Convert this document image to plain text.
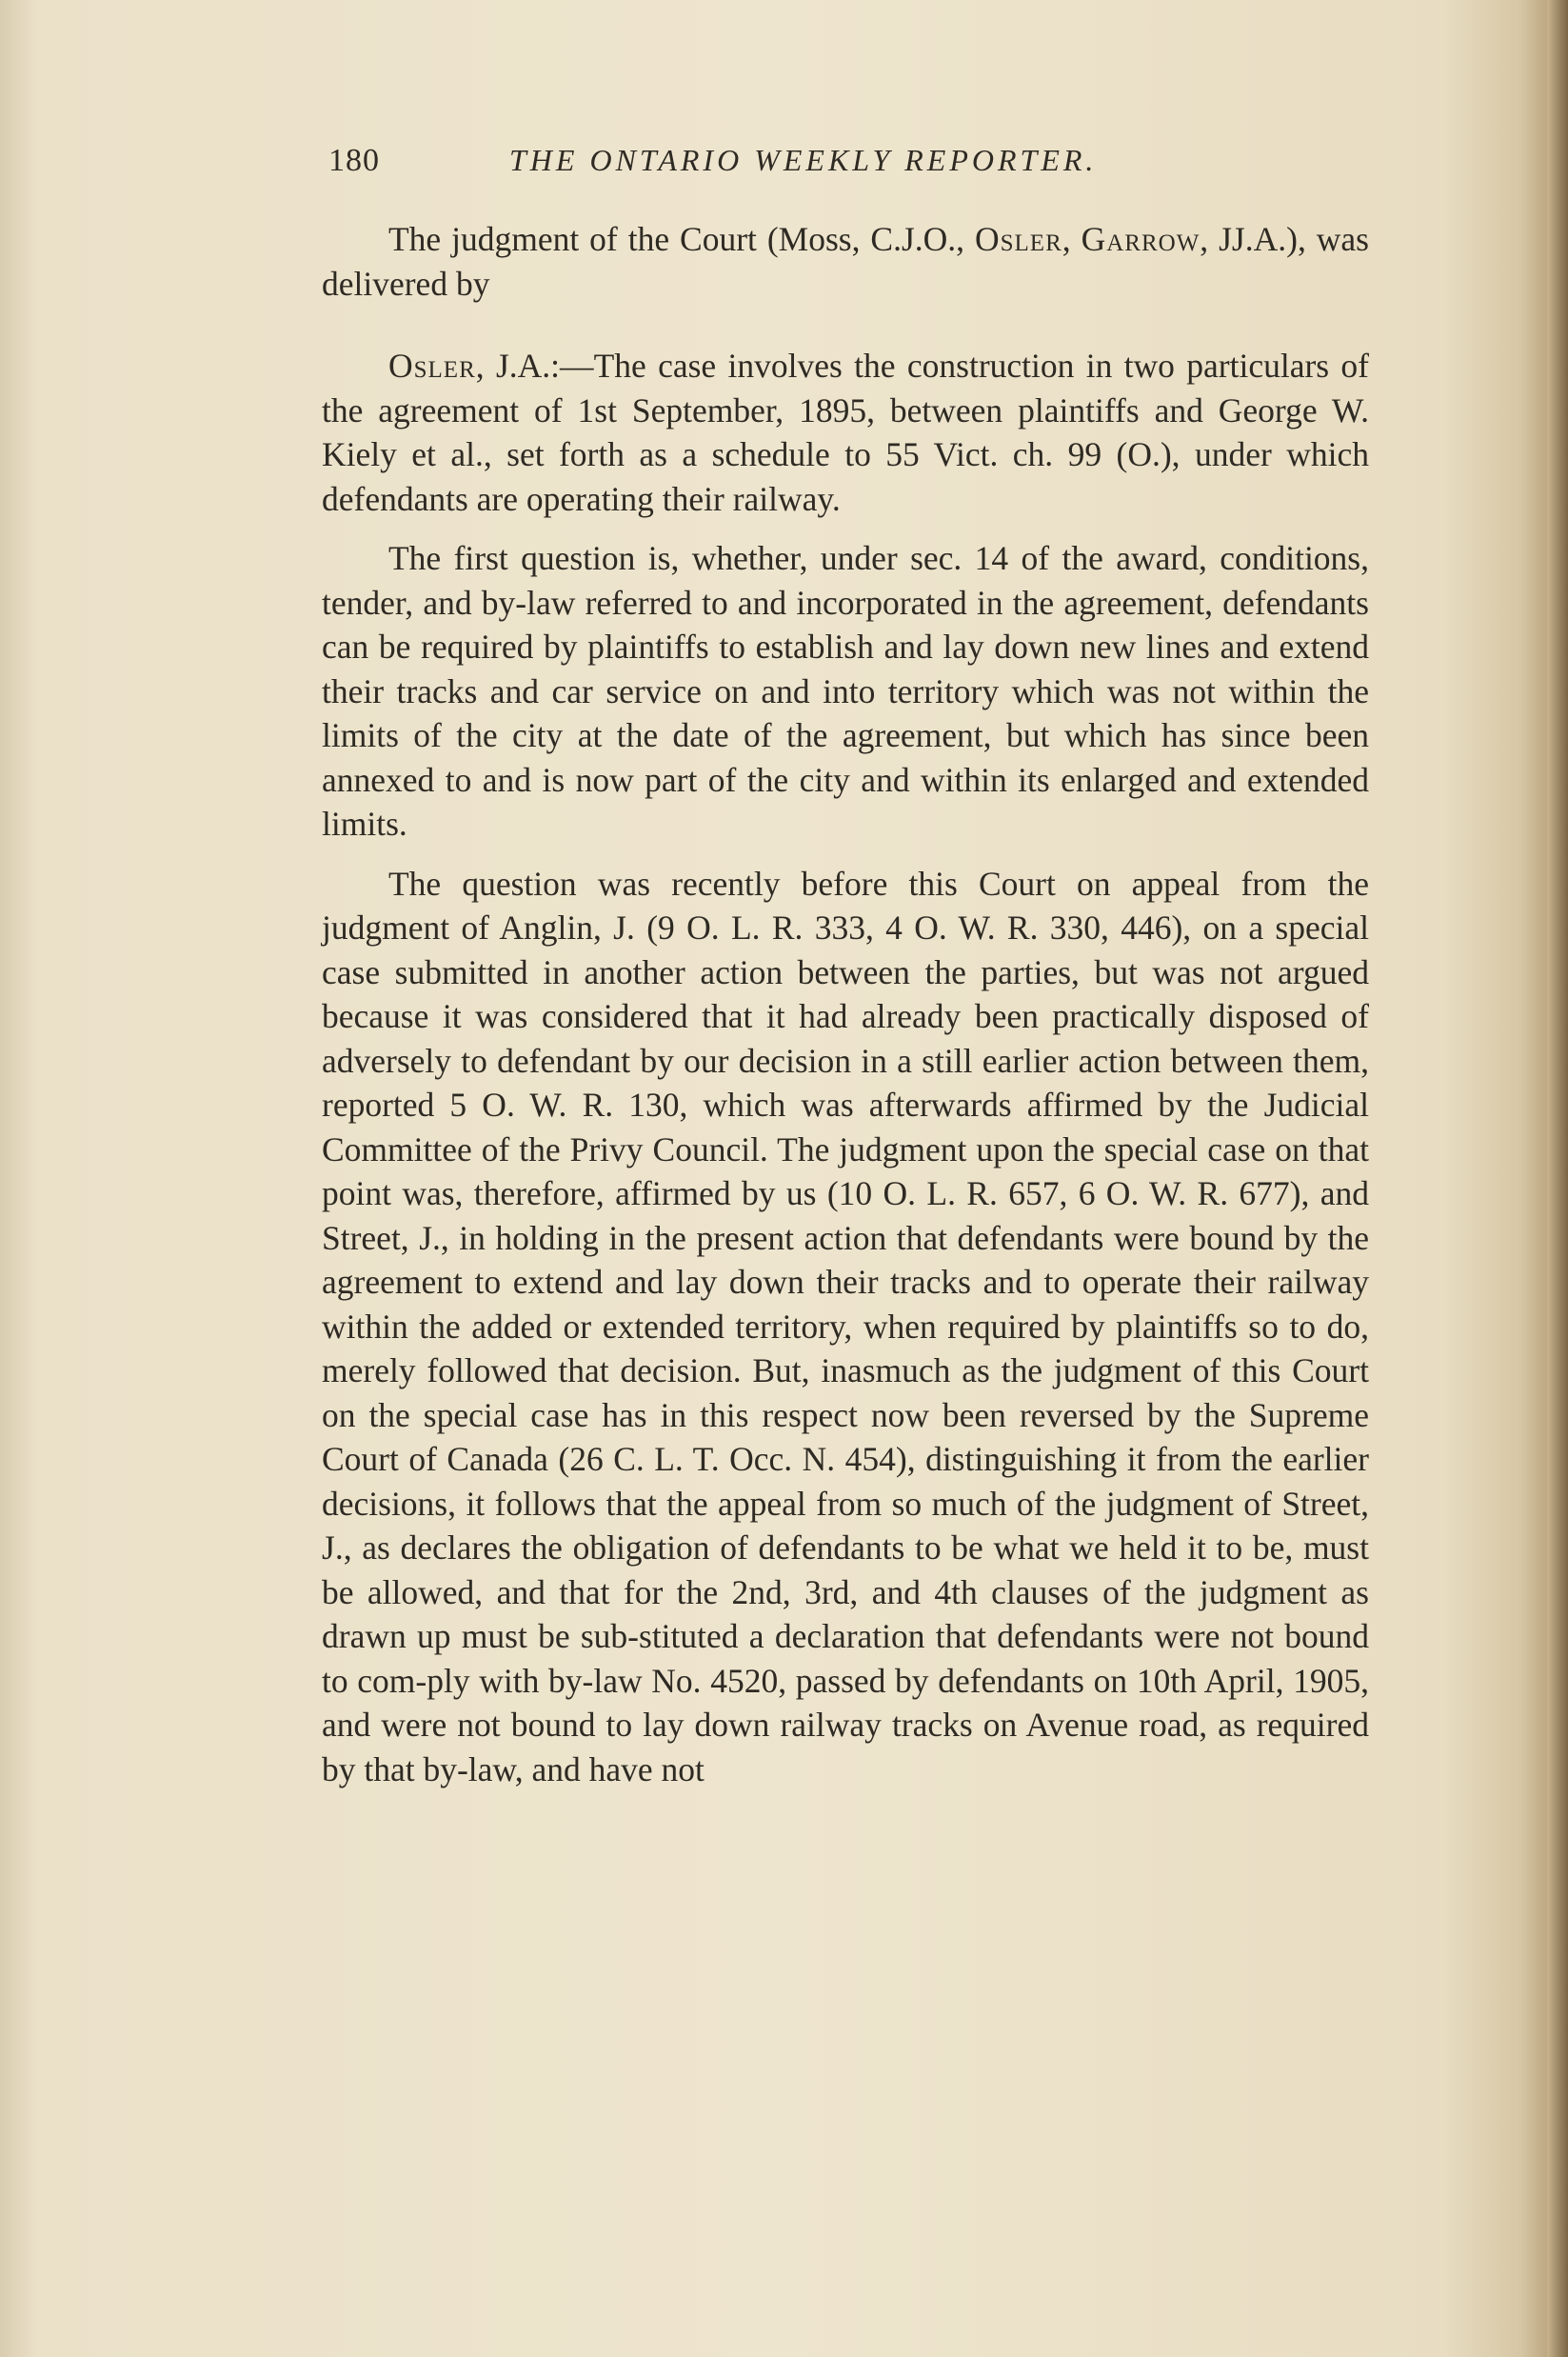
180	THE ONTARIO WEEKLY REPORTER.

The judgment of the Court (Moss, C.J.O., Osler, Garrow, JJ.A.), was delivered by

Osler, J.A.:—The case involves the construction in two particulars of the agreement of 1st September, 1895, between plaintiffs and George W. Kiely et al., set forth as a schedule to 55 Vict. ch. 99 (O.), under which defendants are operating their railway.

The first question is, whether, under sec. 14 of the award, conditions, tender, and by-law referred to and incorporated in the agreement, defendants can be required by plaintiffs to establish and lay down new lines and extend their tracks and car service on and into territory which was not within the limits of the city at the date of the agreement, but which has since been annexed to and is now part of the city and within its enlarged and extended limits.

The question was recently before this Court on appeal from the judgment of Anglin, J. (9 O. L. R. 333, 4 O. W. R. 330, 446), on a special case submitted in another action between the parties, but was not argued because it was considered that it had already been practically disposed of adversely to defendant by our decision in a still earlier action between them, reported 5 O. W. R. 130, which was afterwards affirmed by the Judicial Committee of the Privy Council. The judgment upon the special case on that point was, therefore, affirmed by us (10 O. L. R. 657, 6 O. W. R. 677), and Street, J., in holding in the present action that defendants were bound by the agreement to extend and lay down their tracks and to operate their railway within the added or extended territory, when required by plaintiffs so to do, merely followed that decision. But, inasmuch as the judgment of this Court on the special case has in this respect now been reversed by the Supreme Court of Canada (26 C. L. T. Occ. N. 454), distinguishing it from the earlier decisions, it follows that the appeal from so much of the judgment of Street, J., as declares the obligation of defendants to be what we held it to be, must be allowed, and that for the 2nd, 3rd, and 4th clauses of the judgment as drawn up must be sub-stituted a declaration that defendants were not bound to com-ply with by-law No. 4520, passed by defendants on 10th April, 1905, and were not bound to lay down railway tracks on Avenue road, as required by that by-law, and have not
